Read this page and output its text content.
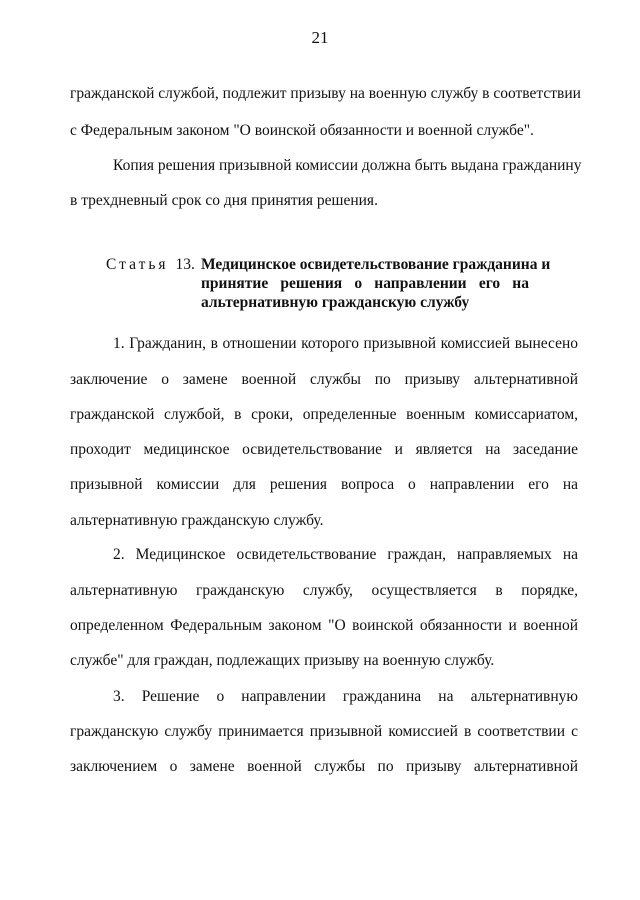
21
гражданской службой, подлежит призыву на военную службу в соответствии
с Федеральным законом "О воинской обязанности и военной службе".
Копия решения призывной комиссии должна быть выдана гражданину
в трехдневный срок со дня принятия решения.
Статья 13. Медицинское освидетельствование гражданина и
принятие решения о направлении его на
альтернативную гражданскую службу
1. Гражданин, в отношении которого призывной комиссией вынесено
заключение о замене военной службы по призыву альтернативной
гражданской службой, в сроки, определенные военным комиссариатом,
проходит медицинское освидетельствование и является на заседание
призывной комиссии для решения вопроса о направлении его на
альтернативную гражданскую службу.
2. Медицинское освидетельствование граждан, направляемых на
альтернативную гражданскую службу, осуществляется в порядке,
определенном Федеральным законом "О воинской обязанности и военной
службе" для граждан, подлежащих призыву на военную службу.
3. Решение о направлении гражданина на альтернативную
гражданскую службу принимается призывной комиссией в соответствии с
заключением о замене военной службы по призыву альтернативной
